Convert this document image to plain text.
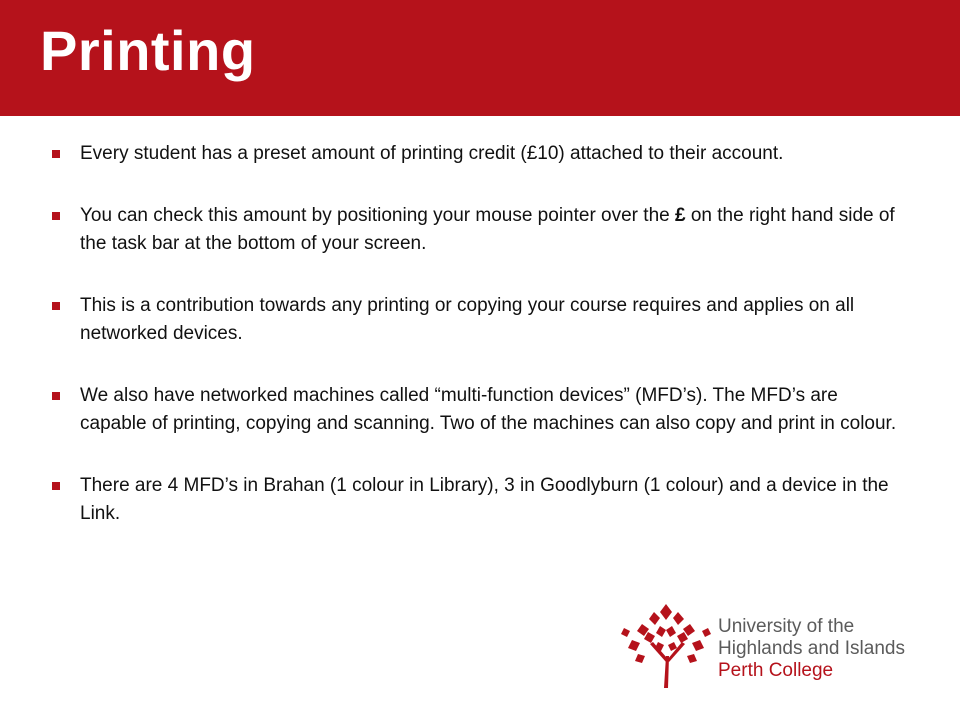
Printing
Every student has a preset amount of printing credit (£10) attached to their account.
You can check this amount by positioning your mouse pointer over the £ on the right hand side of the task bar at the bottom of your screen.
This is a contribution towards any printing or copying your course requires and applies on all networked devices.
We also have networked machines called “multi-function devices” (MFD’s). The MFD’s are capable of printing, copying and scanning. Two of the machines can also copy and print in colour.
There are 4 MFD’s in Brahan (1 colour in Library), 3 in Goodlyburn (1 colour) and a device in the Link.
University of the
Highlands and Islands
Perth College
